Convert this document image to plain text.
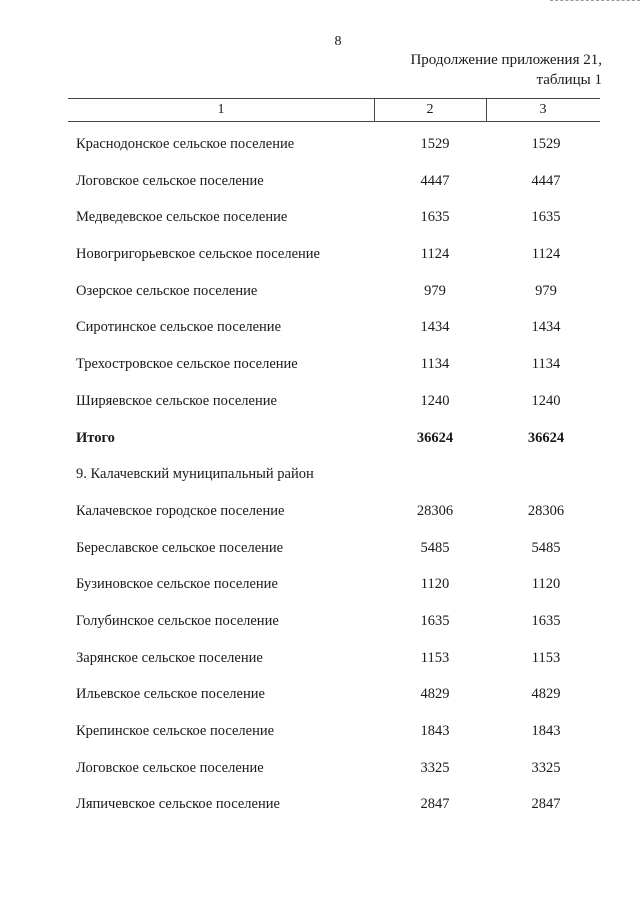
8
Продолжение приложения 21,
таблицы 1
1	2	3
Краснодонское сельское поселение	1529	1529
Логовское сельское поселение	4447	4447
Медведевское сельское поселение	1635	1635
Новогригорьевское сельское поселение	1124	1124
Озерское сельское поселение	979	979
Сиротинское сельское поселение	1434	1434
Трехостровское сельское поселение	1134	1134
Ширяевское сельское поселение	1240	1240
Итого	36624	36624
9. Калачевский муниципальный район
Калачевское городское поселение	28306	28306
Береславское сельское поселение	5485	5485
Бузиновское сельское поселение	1120	1120
Голубинское сельское поселение	1635	1635
Зарянское сельское поселение	1153	1153
Ильевское сельское поселение	4829	4829
Крепинское сельское поселение	1843	1843
Логовское сельское поселение	3325	3325
Ляпичевское сельское поселение	2847	2847
